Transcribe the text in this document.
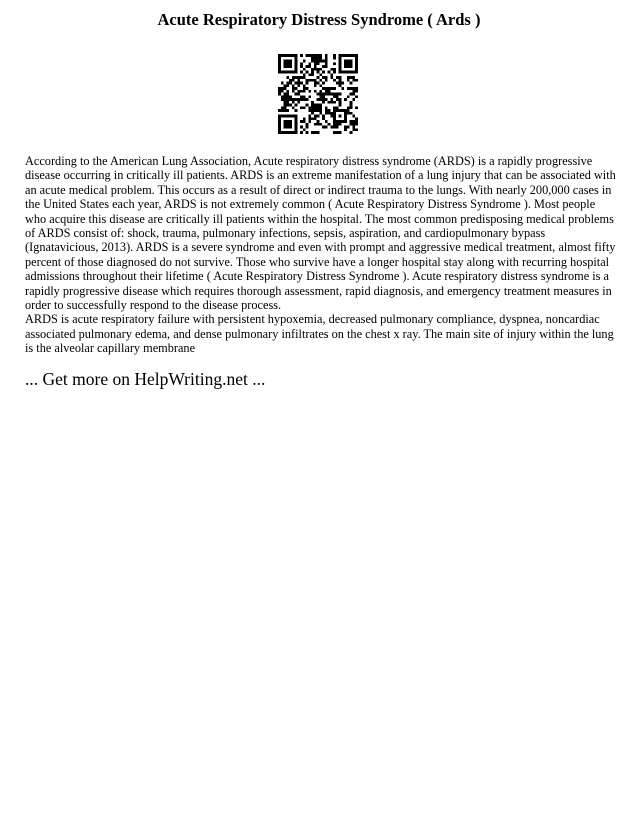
Acute Respiratory Distress Syndrome ( Ards )

According to the American Lung Association, Acute respiratory distress syndrome (ARDS) is a rapidly progressive disease occurring in critically ill patients. ARDS is an extreme manifestation of a lung injury that can be associated with an acute medical problem. This occurs as a result of direct or indirect trauma to the lungs. With nearly 200,000 cases in the United States each year, ARDS is not extremely common ( Acute Respiratory Distress Syndrome ). Most people who acquire this disease are critically ill patients within the hospital. The most common predisposing medical problems of ARDS consist of: shock, trauma, pulmonary infections, sepsis, aspiration, and cardiopulmonary bypass (Ignatavicious, 2013). ARDS is a severe syndrome and even with prompt and aggressive medical treatment, almost fifty percent of those diagnosed do not survive. Those who survive have a longer hospital stay along with recurring hospital admissions throughout their lifetime ( Acute Respiratory Distress Syndrome ). Acute respiratory distress syndrome is a rapidly progressive disease which requires thorough assessment, rapid diagnosis, and emergency treatment measures in order to successfully respond to the disease process.

ARDS is acute respiratory failure with persistent hypoxemia, decreased pulmonary compliance, dyspnea, noncardiac associated pulmonary edema, and dense pulmonary infiltrates on the chest x ray. The main site of injury within the lung is the alveolar capillary membrane

... Get more on HelpWriting.net ...
